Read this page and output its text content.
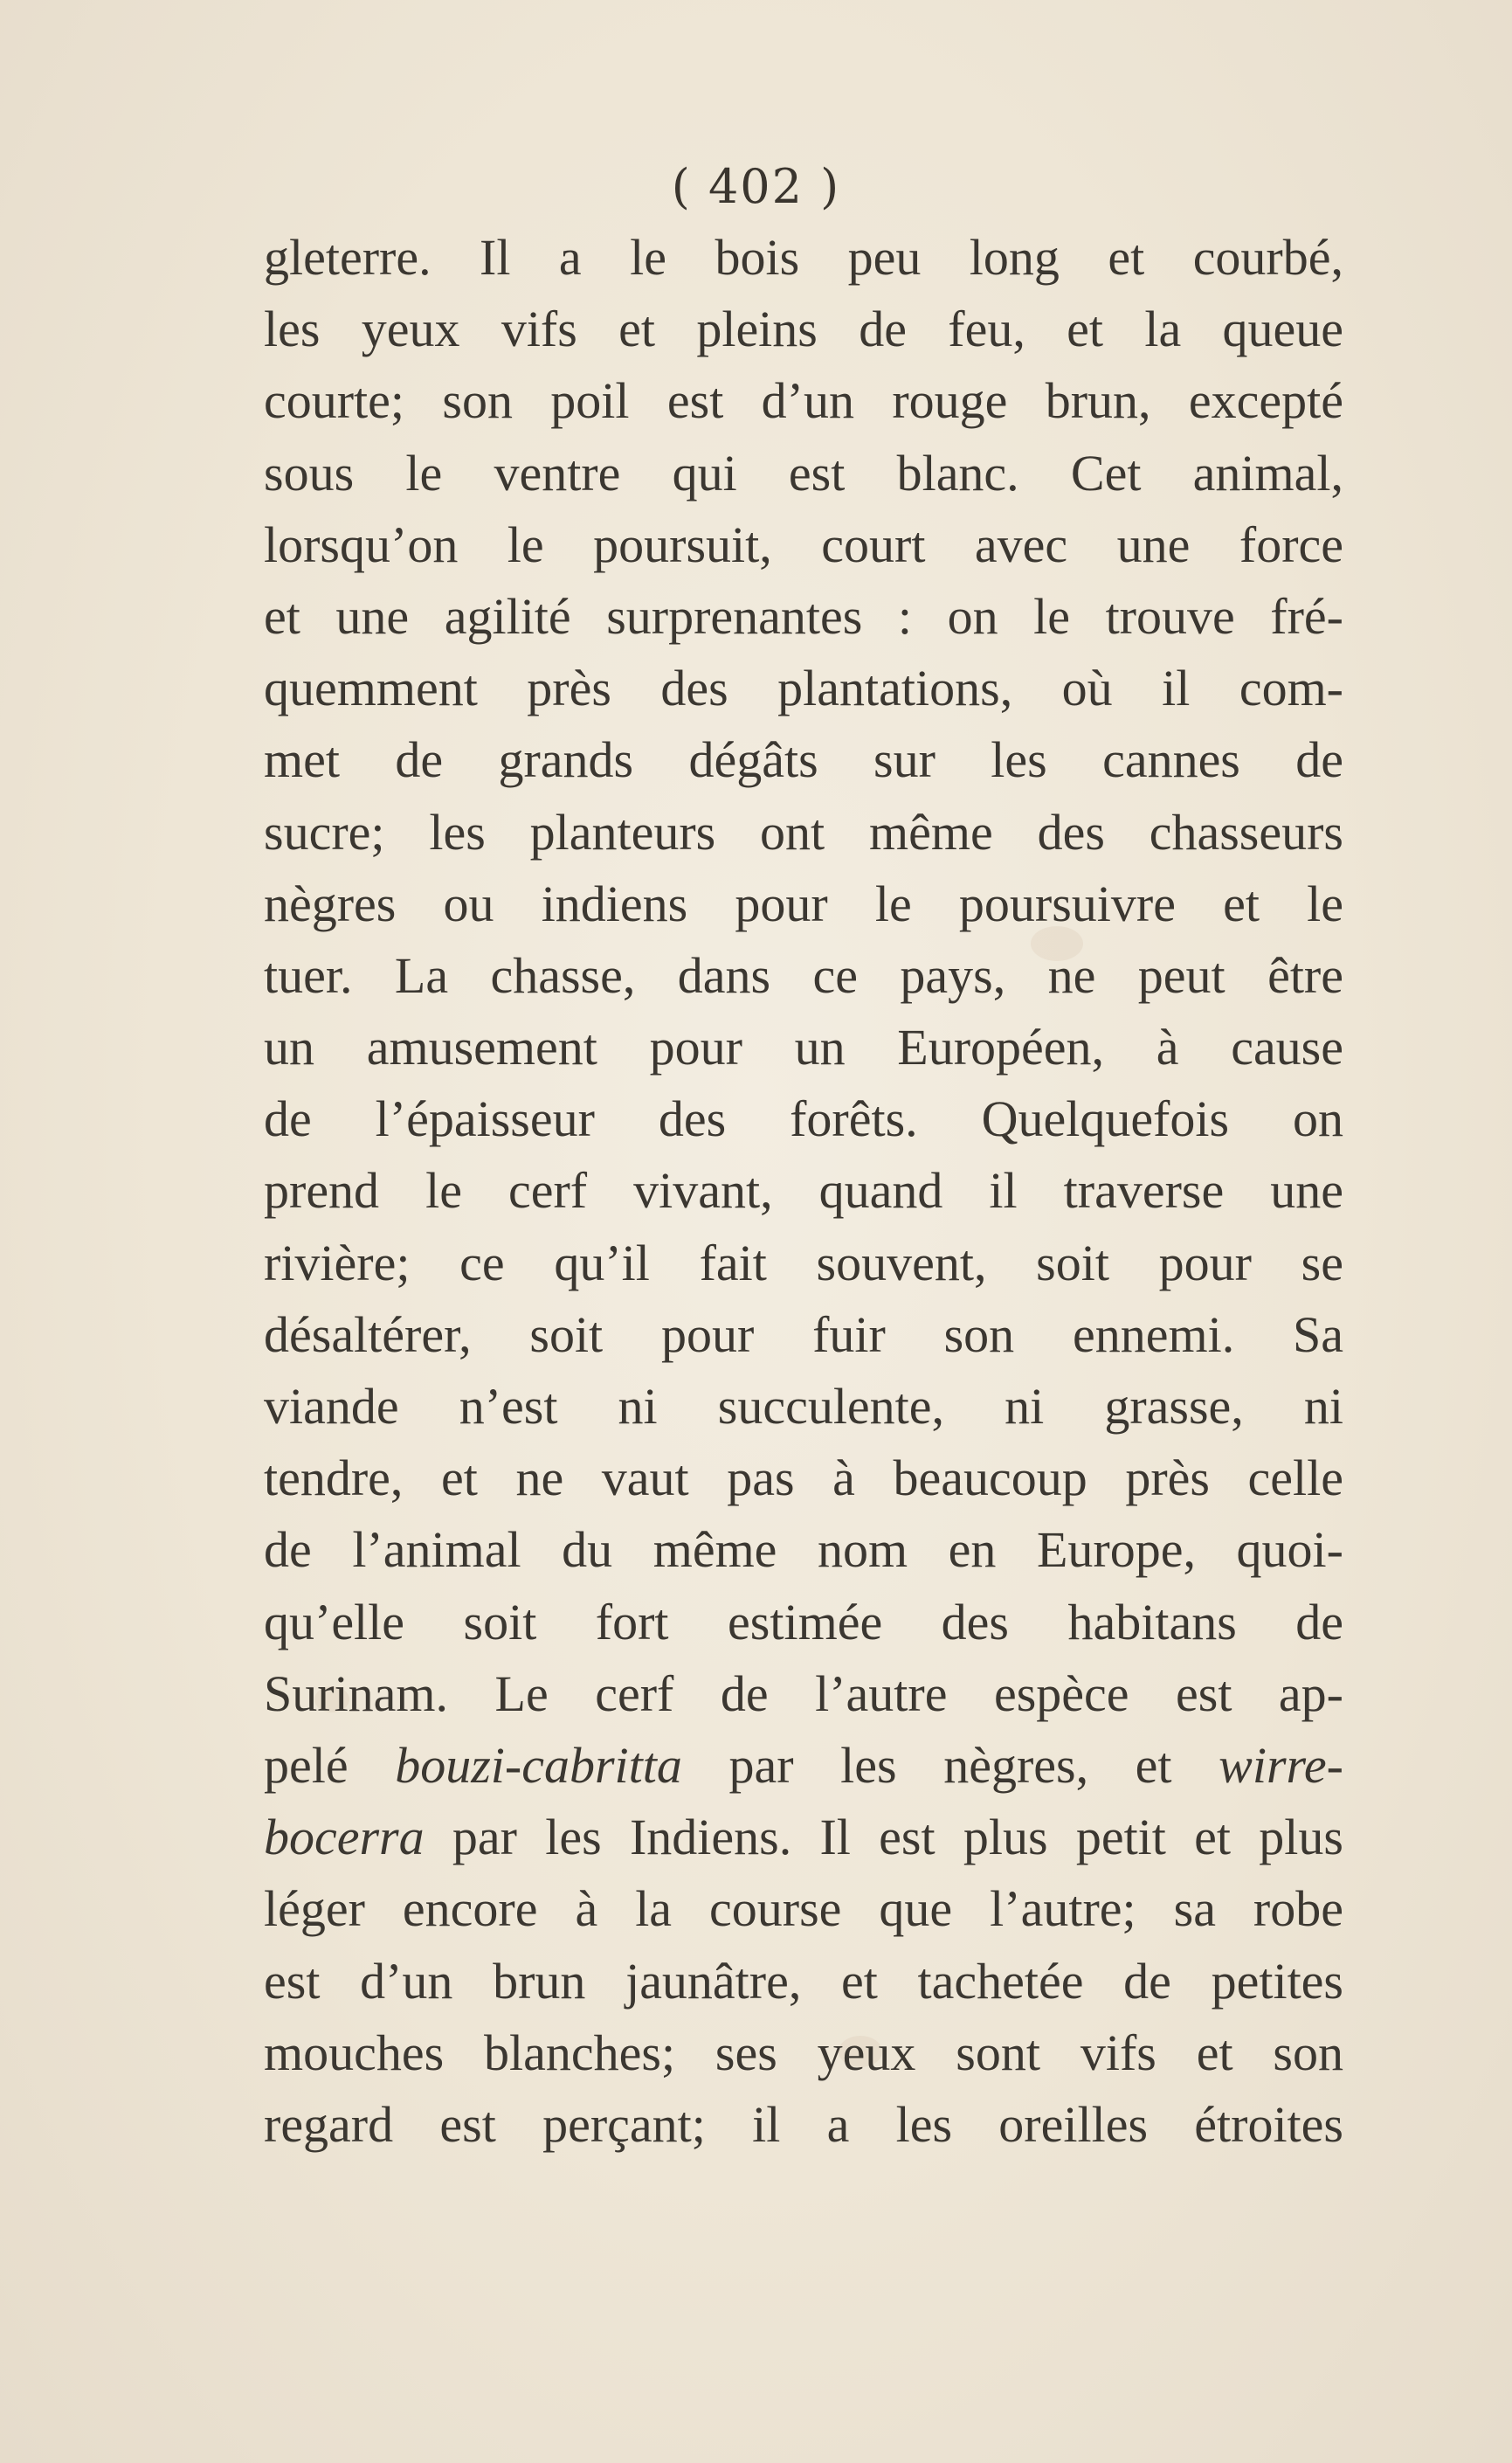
( 402 )
gleterre. Il a le bois peu long et courbé,
les yeux vifs et pleins de feu, et la queue
courte; son poil est d’un rouge brun, excepté
sous le ventre qui est blanc. Cet animal,
lorsqu’on le poursuit, court avec une force
et une agilité surprenantes : on le trouve fré-
quemment près des plantations, où il com-
met de grands dégâts sur les cannes de
sucre; les planteurs ont même des chasseurs
nègres ou indiens pour le poursuivre et le
tuer. La chasse, dans ce pays, ne peut être
un amusement pour un Européen, à cause
de l’épaisseur des forêts. Quelquefois on
prend le cerf vivant, quand il traverse une
rivière; ce qu’il fait souvent, soit pour se
désaltérer, soit pour fuir son ennemi. Sa
viande n’est ni succulente, ni grasse, ni
tendre, et ne vaut pas à beaucoup près celle
de l’animal du même nom en Europe, quoi-
qu’elle soit fort estimée des habitans de
Surinam. Le cerf de l’autre espèce est ap-
pelé bouzi-cabritta par les nègres, et wirre-
bocerra par les Indiens. Il est plus petit et plus
léger encore à la course que l’autre; sa robe
est d’un brun jaunâtre, et tachetée de petites
mouches blanches; ses yeux sont vifs et son
regard est perçant; il a les oreilles étroites
